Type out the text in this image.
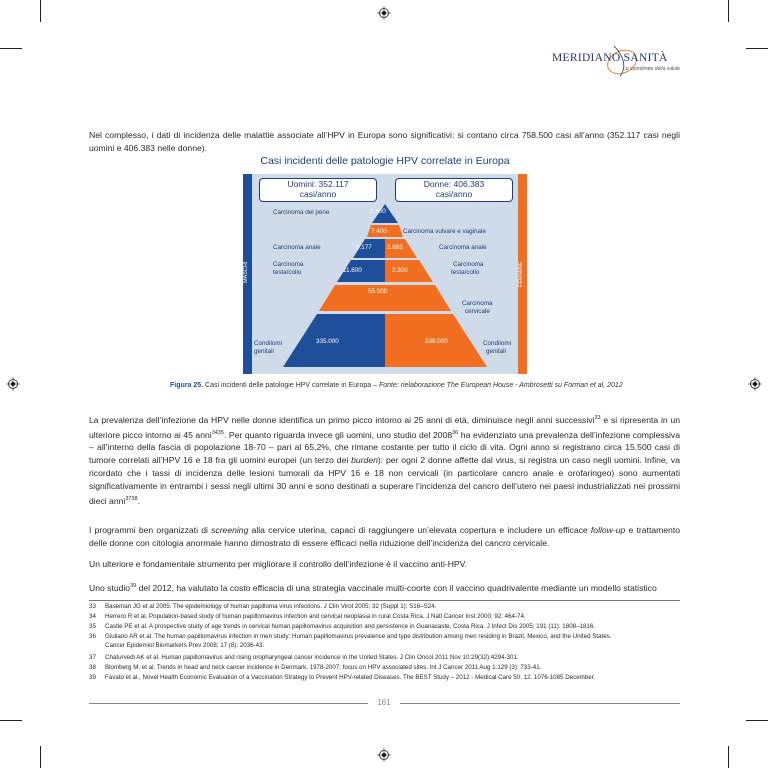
MERIDIANO SANITÀ
Le coordinate della salute
Nel complesso, i dati di incidenza delle malattie associate all’HPV in Europa sono significativi: si contano circa 758.500 casi all’anno (352.117 casi negli uomini e 406.383 nelle donne).
Casi incidenti delle patologie HPV correlate in Europa
MASCHI	FEMMINE
Uomini: 352.117
casi/anno
Donne: 406.383
casi/anno
2.400
7.400
3.177 3.683
11.600	2.300
55.000
335.000	338.000
Carcinoma del pene
Carcinoma vulvare e vaginale
Carcinoma anale	Carcinoma anale
Carcinoma
testa/collo
Carcinoma
testa/collo
Carcinoma
cervicale
Condilomi
genitali
Condilomi
genitali
Figura 25. Casi incidenti delle patologie HPV correlate in Europa – Fonte: rielaborazione The European House - Ambrosetti su Forman et al, 2012
La prevalenza dell’infezione da HPV nelle donne identifica un primo picco intorno ai 25 anni di età, diminuisce negli anni successivi$^{33}$ e si ripresenta in un ulteriore picco intorno ai 45 anni$^{3435}$. Per quanto riguarda invece gli uomini, uno studio del 2008$^{36}$ ha evidenziato una prevalenza dell’infezione complessiva – all’interno della fascia di popolazione 18-70 – pari al 65,2%, che rimane costante per tutto il ciclo di vita. Ogni anno si registrano circa 15.500 casi di tumore correlati all’HPV 16 e 18 fra gli uomini europei (un terzo dei burden): per ogni 2 donne affette dal virus, si registra un caso negli uomini. Infine, va ricordato che i tassi di incidenza delle lesioni tumorali da HPV 16 e 18 non cervicali (in particolare cancro anale e orofaringeo) sono aumentati significativamente in entrambi i sessi negli ultimi 30 anni e sono destinati a superare l’incidenza del cancro dell’utero nei paesi industrializzati nei prossimi dieci anni$^{3738}$.
I programmi ben organizzati di screening alla cervice uterina, capaci di raggiungere un’elevata copertura e includere un efficace follow-up e trattamento delle donne con citologia anormale hanno dimostrato di essere efficaci nella riduzione dell’incidenza del cancro cervicale.
Un ulteriore e fondamentale strumento per migliorare il controllo dell’infezione è il vaccino anti-HPV.
Uno studio$^{39}$ del 2012, ha valutato la costo efficacia di una strategia vaccinale multi-coorte con il vaccino quadrivalente mediante un modello statistico
33 Baseman JG et al 2005. The epidemiology of human papilloma virus infections. J Clin Virol 2005; 32 (Suppl 1): S16–S24.
34 Herrero R et al. Population-based study of human papillomavirus infection and cervical neoplasia in rural Costa Rica. J Natl Cancer Inst 2000; 92: 464-74.
35 Castle PE et al. A prospective study of age trends in cervical human papillomavirus acquisition and persistence in Guanacaste, Costa Rica. J Infect Dis 2005; 191 (11): 1808–1816.
36 Giuliano AR et al. The human papillomavirus infection in men study: Human papillomavirus prevalence and type distribution among men residing in Brazil, Mexico, and the United States.
Cancer Epidemiol Biomarkers Prev 2008; 17 (8): 2036-43.
37 Chaturvedi AK et al. Human papillomavirus and rising oropharyngeal cancer incidence in the United States. J Clin Oncol 2011 Nov 10:29(32):4294-301.
38 Blomberg M. et al. Trends in head and neck cancer incidence in Denmark, 1978-2007: focus on HPV associated sites. Int J Cancer 2011 Aug 1:129 (3): 733-41.
39 Favato et al., Novel Health Economic Evaluation of a Vaccination Strategy to Prevent HPV-related Diseases. The BEST Study – 2012 - Medical Care 50: 12. 1076-1085 December.
161
